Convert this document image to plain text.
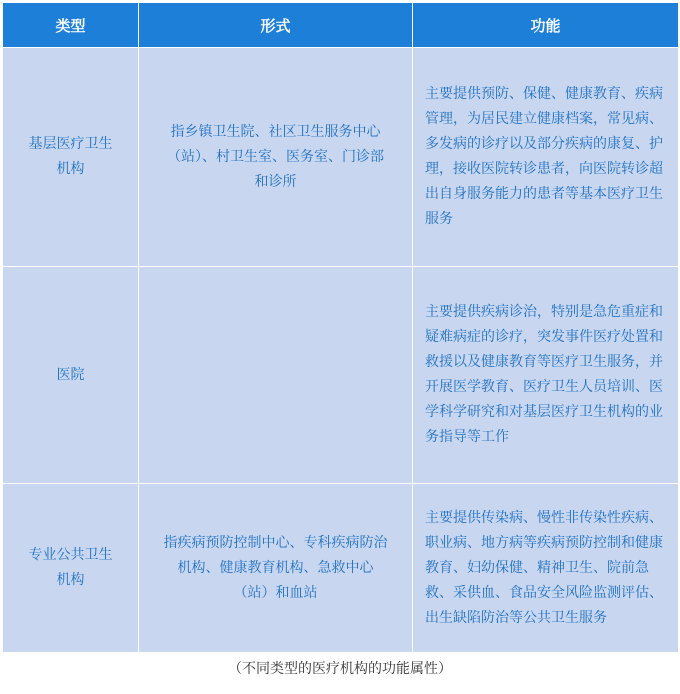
类型	形式	功能
基层医疗卫生机构	指乡镇卫生院、社区卫生服务中心（站）、村卫生室、医务室、门诊部和诊所	主要提供预防、保健、健康教育、疾病管理，为居民建立健康档案，常见病、多发病的诊疗以及部分疾病的康复、护理，接收医院转诊患者，向医院转诊超出自身服务能力的患者等基本医疗卫生服务
医院		主要提供疾病诊治，特别是急危重症和疑难病症的诊疗，突发事件医疗处置和救援以及健康教育等医疗卫生服务，并开展医学教育、医疗卫生人员培训、医学科学研究和对基层医疗卫生机构的业务指导等工作
专业公共卫生机构	指疾病预防控制中心、专科疾病防治机构、健康教育机构、急救中心（站）和血站	主要提供传染病、慢性非传染性疾病、职业病、地方病等疾病预防控制和健康教育、妇幼保健、精神卫生、院前急救、采供血、食品安全风险监测评估、出生缺陷防治等公共卫生服务
（不同类型的医疗机构的功能属性）
